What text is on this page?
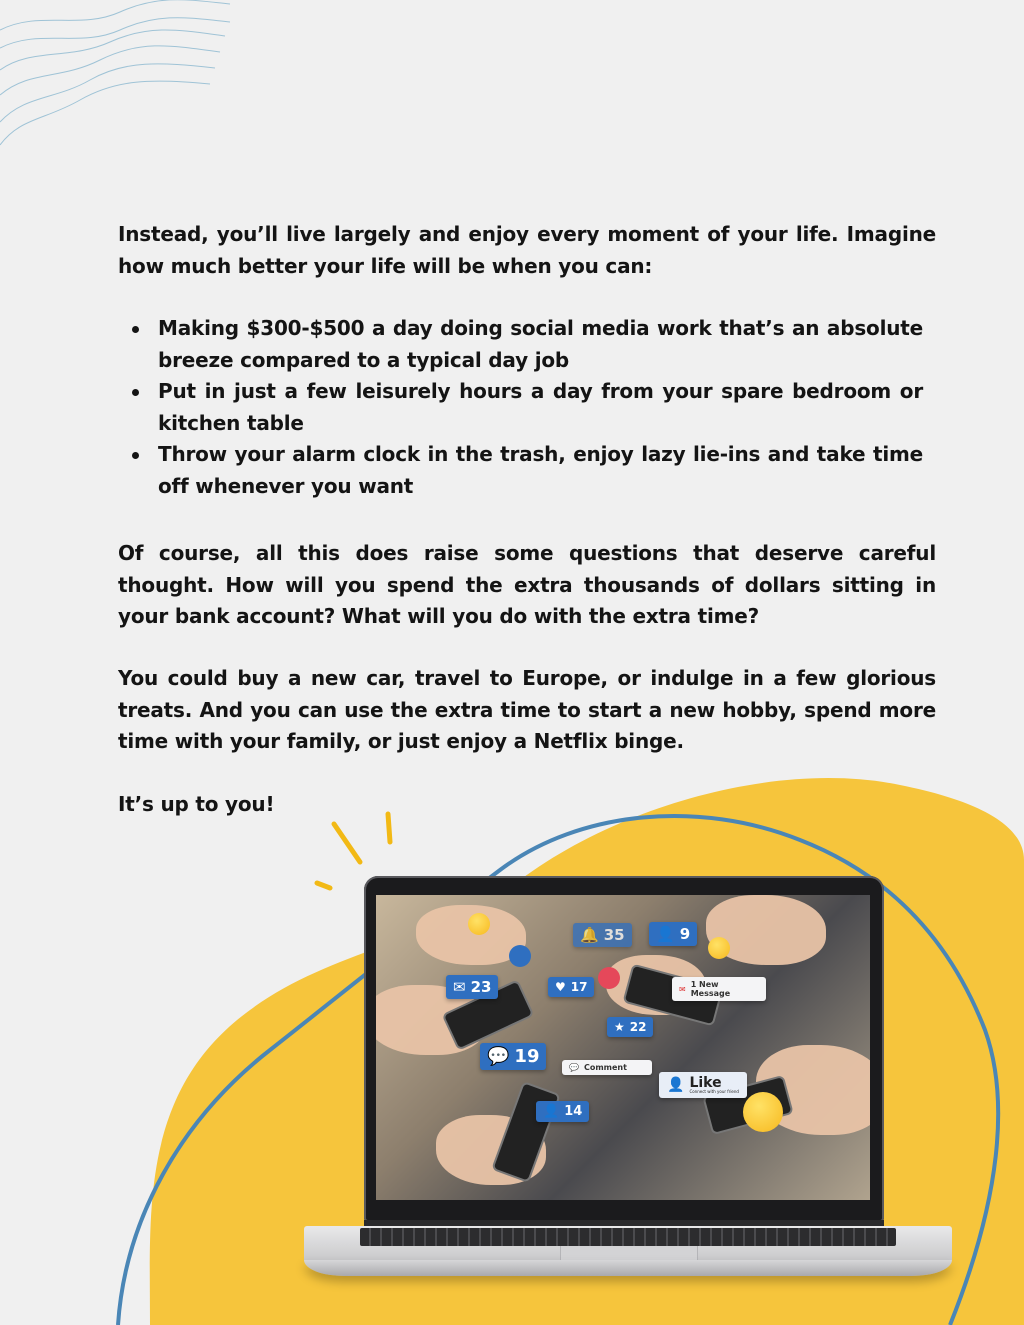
Instead, you’ll live largely and enjoy every moment of your life. Imagine how much better your life will be when you can:

Making $300-$500 a day doing social media work that’s an absolute breeze compared to a typical day job
Put in just a few leisurely hours a day from your spare bedroom or kitchen table
Throw your alarm clock in the trash, enjoy lazy lie-ins and take time off whenever you want

Of course, all this does raise some questions that deserve careful thought. How will you spend the extra thousands of dollars sitting in your bank account? What will you do with the extra time?

You could buy a new car, travel to Europe, or indulge in a few glorious treats. And you can use the extra time to start a new hobby, spend more time with your family, or just enjoy a Netflix binge.

It’s up to you!

🔔 35 👤 9
✉ 23	♥ 17	✉ 1 New Message
★ 22
💬 19
💬 Comment
👤 Like
Connect with your friend
👤 14
